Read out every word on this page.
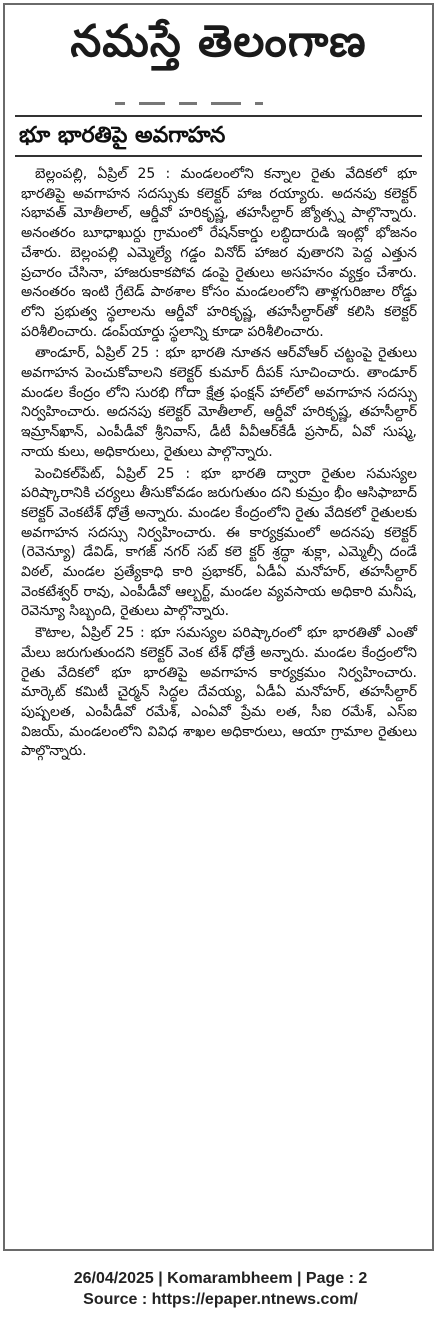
నమస్తే తెలంగాణ
భూ భారతిపై అవగాహన

బెల్లంపల్లి, ఏప్రిల్ 25 : మండలంలోని కన్నాల రైతు వేదికలో భూ భారతిపై అవగాహన సదస్సుకు కలెక్టర్ హాజ రయ్యారు. అదనపు కలెక్టర్ సభావత్ మోతీలాల్, ఆర్డీవో హరికృష్ణ, తహసీల్దార్ జ్యోత్స్న పాల్గొన్నారు. అనంతరం బూధాఖుర్దు గ్రామంలో రేషన్‌కార్డు లబ్ధిదారుడి ఇంట్లో భోజనం చేశారు. బెల్లంపల్లి ఎమ్మెల్యే గడ్డం వినోద్ హాజర వుతారని పెద్ద ఎత్తున ప్రచారం చేసినా, హాజరుకాకపోవ డంపై రైతులు అసహనం వ్యక్తం చేశారు. అనంతరం ఇంటి గ్రేటెడ్ పాఠశాల కోసం మండలంలోని తాళ్లగురిజాల రోడ్డు లోని ప్రభుత్వ స్థలాలను ఆర్డీవో హరికృష్ణ, తహసీల్దార్‌తో కలిసి కలెక్టర్ పరిశీలించారు. డంప్‌యార్డు స్థలాన్ని కూడా పరిశీలించారు.

తాండూర్, ఏప్రిల్ 25 : భూ భారతి నూతన ఆర్‌వోఆర్ చట్టంపై రైతులు అవగాహన పెంచుకోవాలని కలెక్టర్ కుమార్ దీపక్ సూచించారు. తాండూర్ మండల కేంద్రం లోని సురభి గోదా క్షేత్ర ఫంక్షన్ హాల్‌లో అవగాహన సదస్సు నిర్వహించారు. అదనపు కలెక్టర్ మోతీలాల్, ఆర్డీవో హరికృష్ణ, తహసీల్దార్ ఇమ్రాన్‌ఖాన్, ఎంపీడీవో శ్రీనివాస్, డీటీ వీవీఆర్‌కేడీ ప్రసాద్, ఏవో సుష్మ, నాయ కులు, అధికారులు, రైతులు పాల్గొన్నారు.

పెంచికల్‌పేట్, ఏప్రిల్ 25 : భూ భారతి ద్వారా రైతుల సమస్యల పరిష్కారానికి చర్యలు తీసుకోవడం జరుగుతుం దని కుమ్రం భీం ఆసిఫాబాద్ కలెక్టర్ వెంకటేశ్ ధోత్రే అన్నారు. మండల కేంద్రంలోని రైతు వేదికలో రైతులకు అవగాహన సదస్సు నిర్వహించారు. ఈ కార్యక్రమంలో అదనపు కలెక్టర్ (రెవెన్యూ) డేవిడ్, కాగజ్ నగర్ సబ్ కలె క్టర్ శ్రద్ధా శుక్లా, ఎమ్మెల్సీ దండే విఠల్, మండల ప్రత్యేకాధి కారి ప్రభాకర్, ఏడీఏ మనోహర్, తహసీల్దార్ వెంకటేశ్వర్ రావు, ఎంపీడీవో ఆల్బర్ట్, మండల వ్యవసాయ అధికారి మనీష, రెవెన్యూ సిబ్బంది, రైతులు పాల్గొన్నారు.

కౌటాల, ఏప్రిల్ 25 : భూ సమస్యల పరిష్కారంలో భూ భారతితో ఎంతో మేలు జరుగుతుందని కలెక్టర్ వెంక టేశ్ ధోత్రే అన్నారు. మండల కేంద్రంలోని రైతు వేదికలో భూ భారతిపై అవగాహన కార్యక్రమం నిర్వహించారు. మార్కెట్ కమిటీ చైర్మన్ సిద్ధల దేవయ్య, ఏడీఏ మనోహర్, తహసీల్దార్ పుష్పలత, ఎంపీడీవో రమేశ్, ఎంఏవో ప్రేమ లత, సీఐ రమేశ్, ఎస్ఐ విజయ్, మండలంలోని వివిధ శాఖల అధికారులు, ఆయా గ్రామాల రైతులు పాల్గొన్నారు.

26/04/2025 | Komarambheem | Page : 2
Source : https://epaper.ntnews.com/
